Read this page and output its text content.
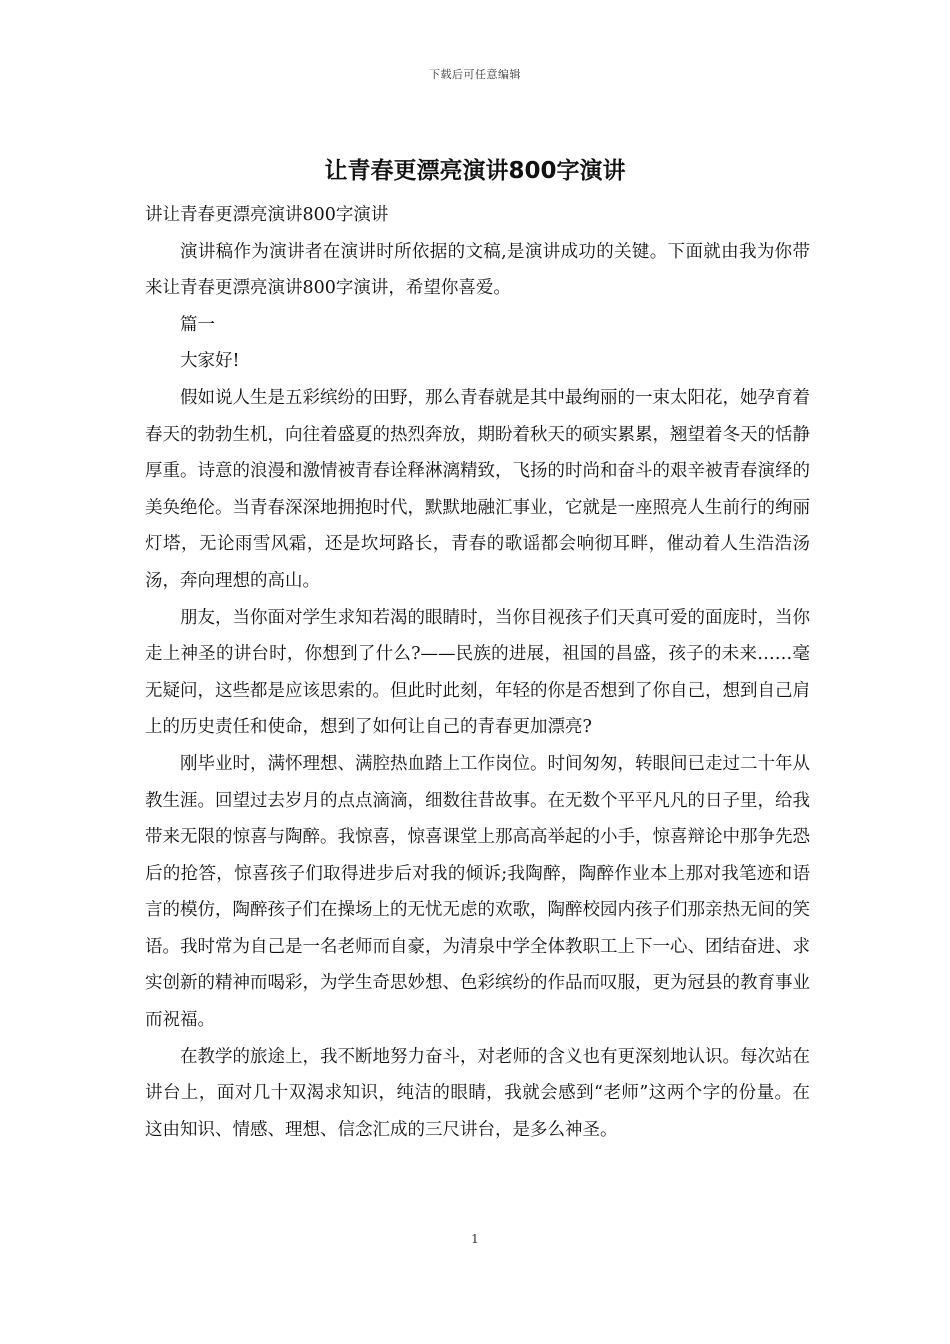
下载后可任意编辑
让青春更漂亮演讲800字演讲

讲让青春更漂亮演讲800字演讲

演讲稿作为演讲者在演讲时所依据的文稿,是演讲成功的关键。下面就由我为你带来让青春更漂亮演讲800字演讲，希望你喜爱。

篇一

大家好!

假如说人生是五彩缤纷的田野，那么青春就是其中最绚丽的一束太阳花，她孕育着春天的勃勃生机，向往着盛夏的热烈奔放，期盼着秋天的硕实累累，翘望着冬天的恬静厚重。诗意的浪漫和激情被青春诠释淋漓精致，飞扬的时尚和奋斗的艰辛被青春演绎的美奂绝伦。当青春深深地拥抱时代，默默地融汇事业，它就是一座照亮人生前行的绚丽灯塔，无论雨雪风霜，还是坎坷路长，青春的歌谣都会响彻耳畔，催动着人生浩浩汤汤，奔向理想的高山。

朋友，当你面对学生求知若渴的眼睛时，当你目视孩子们天真可爱的面庞时，当你走上神圣的讲台时，你想到了什么?——民族的进展，祖国的昌盛，孩子的未来……毫无疑问，这些都是应该思索的。但此时此刻，年轻的你是否想到了你自己，想到自己肩上的历史责任和使命，想到了如何让自己的青春更加漂亮?

刚毕业时，满怀理想、满腔热血踏上工作岗位。时间匆匆，转眼间已走过二十年从教生涯。回望过去岁月的点点滴滴，细数往昔故事。在无数个平平凡凡的日子里，给我带来无限的惊喜与陶醉。我惊喜，惊喜课堂上那高高举起的小手，惊喜辩论中那争先恐后的抢答，惊喜孩子们取得进步后对我的倾诉;我陶醉，陶醉作业本上那对我笔迹和语言的模仿，陶醉孩子们在操场上的无忧无虑的欢歌，陶醉校园内孩子们那亲热无间的笑语。我时常为自己是一名老师而自豪，为清泉中学全体教职工上下一心、团结奋进、求实创新的精神而喝彩，为学生奇思妙想、色彩缤纷的作品而叹服，更为冠县的教育事业而祝福。

在教学的旅途上，我不断地努力奋斗，对老师的含义也有更深刻地认识。每次站在讲台上，面对几十双渴求知识，纯洁的眼睛，我就会感到“老师”这两个字的份量。在这由知识、情感、理想、信念汇成的三尺讲台，是多么神圣。

1
